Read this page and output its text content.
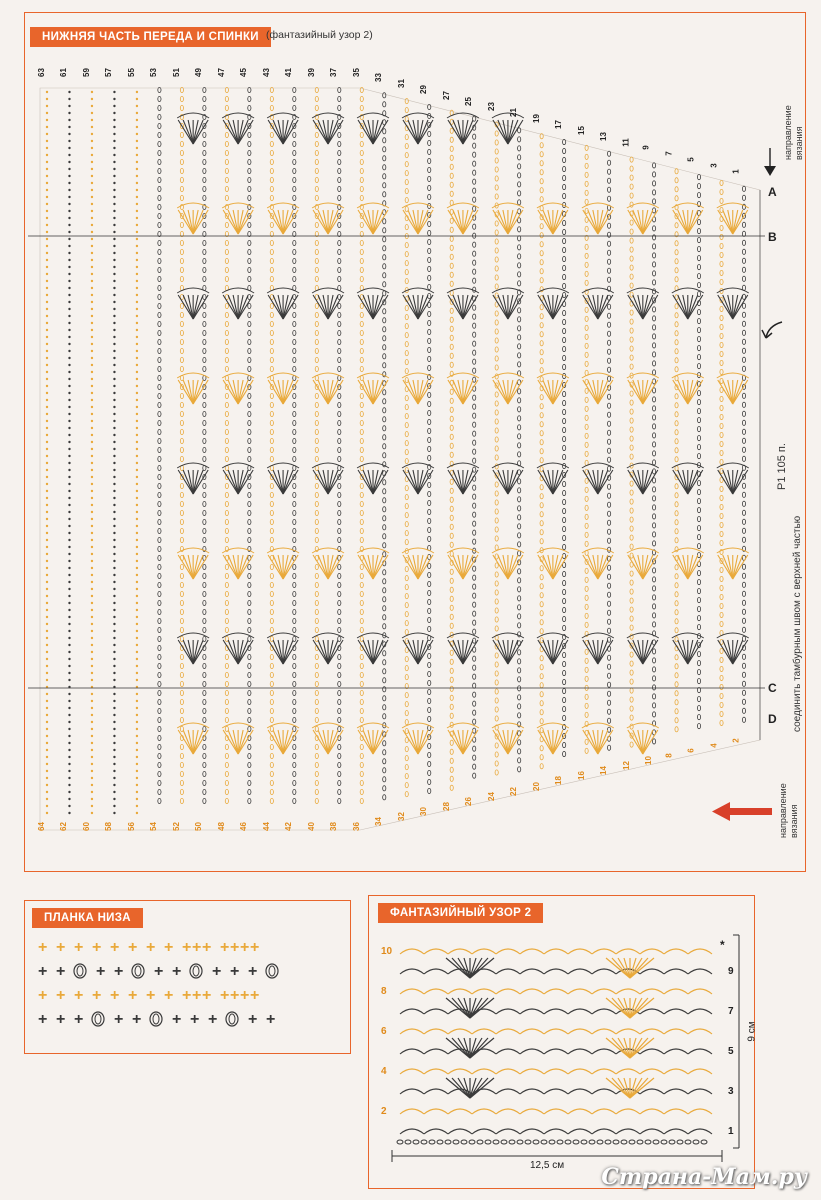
НИЖНЯЯ ЧАСТЬ ПЕРЕДА И СПИНКИ (фантазийный узор 2)
63 61 59 57 55 53 51 49 47 45 43 41 39 37 35
33
31
29
27
25
23
21
19
17
15
13
11
9
7
5
3
1
64 62 60 58 56 54 52 50 48 46 44 42 40 38 36
34
32
30
28
26
24
22
20
18
16
14
12
10
8
6
4
2
A
B
C
D
направление вязания
Р1 105 п.
соединить тамбурным швом с верхней частью
направление вязания
ПЛАНКА НИЗА
+ + + + + + + + + + + + + + +
+ + + + + + + + +
+ + + + + + + + + + + + + + +
+ + + + + + + + + +
ФАНТАЗИЙНЫЙ УЗОР 2
10
8
6
4
2
9
7
5
3
1
*
9 см
12,5 см Страна-Мам.ру
